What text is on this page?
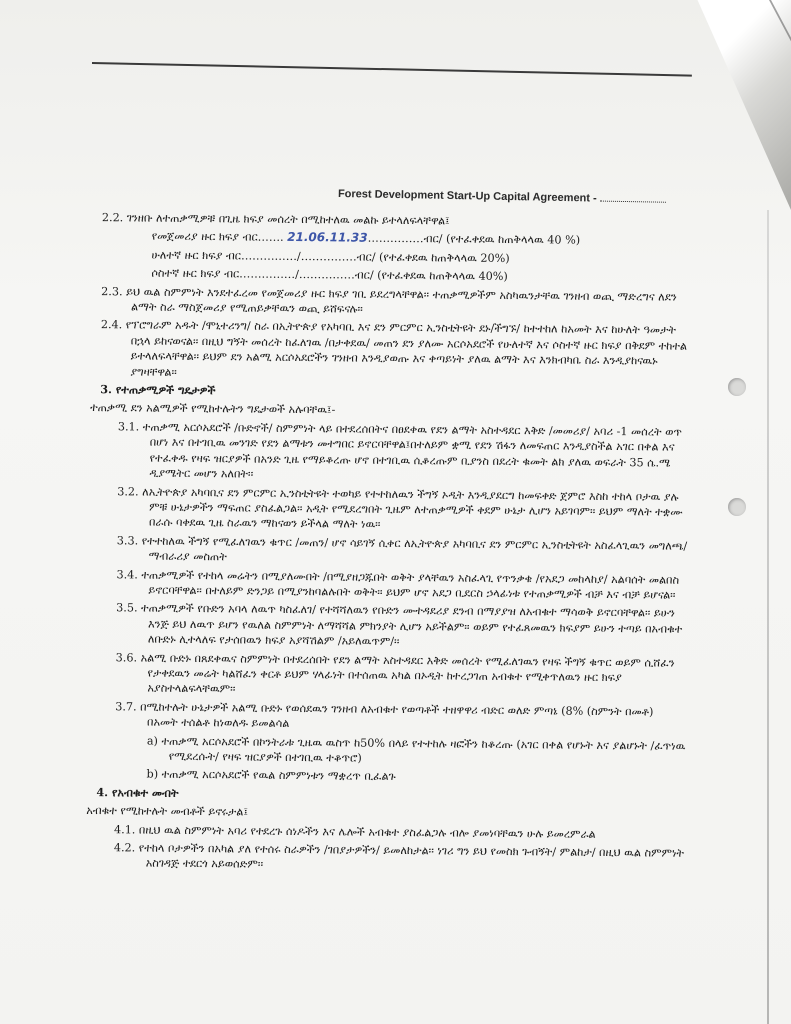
Forest Development Start-Up Capital Agreement -
2.2. ገንዘቡ ለተጠቃሚዎቹ በጊዜ ክፍያ መሰረት በሚከተለዉ መልኩ ይተላለፍላቸዋል፤
የመጀመሪያ ዙር ክፍያ ብር……. 21.06.11.33……………ብር/ (የተፈቀደዉ ከጠቅላላዉ 40 %)
ሁለተኛ ዙር ክፍያ ብር……………/……………ብር/ (የተፈቀደዉ ከጠቅላላዉ 20%)
ሶስተኛ ዙር ክፍያ ብር……………/……………ብር/ (የተፈቀደዉ ከጠቅላላዉ 40%)
2.3. ይህ ዉል ስምምነት እንደተፈረመ የመጀመሪያ ዙር ክፍያ ገቢ ይደረግላቸዋል፡፡ ተጠቃሚዎችም አስካዉንታቸዉ ገንዘብ ወጪ ማድረግና ለደን ልማት ስራ ማስጀመሪያ የሚጠይቃቸዉን ወጪ ይሸፍናሉ፡፡
2.4. የፕሮግራም አዱት /ሞኒተሪንግ/ ስራ በኢትዮጵያ የአካባቢ እና ደን ምርምር ኢንስቲትዩት ደኑ/ችግኙ/ ከተተከለ ከአመት እና ከሁለት ዓመታት በኋላ ይከናወናል፡፡ በዚህ ግኝት መሰረት ከፈለገዉ /በታቀደዉ/ መጠን ደን ያለሙ አርሶአደሮች የሁለተኛ እና ሶስተኛ ዙር ክፍያ በቅደም ተከተል ይተላለፍላቸዋል፡፡ ይህም ደን አልሚ አርሶአደሮችን ገንዘብ እንዲያወጡ እና ቀጣይነት ያለዉ ልማት እና እንክብካቤ ስራ እንዲያከናዉኑ ያግዛቸዋል፡፡
3. የተጠቃሚዎች ግዴታዎች
ተጠቃሚ ደን አልሚዎች የሚከተሉትን ግዴታወች አሉባቸዉ፤-
3.1. ተጠቃሚ አርሶአደሮች /ቡድኖች/ ስምምነት ላይ በተደረሰበትና በፀደቀዉ የደን ልማት አስተዳደር እቅድ /መመሪያ/ አባሪ -1 መሰረት ወጥ በሆነ እና በተገቢዉ መንገድ የደን ልማቱን መተግበር ይኖርባቸዋል፤በተለይም ቋሚ የደን ሽፋን ለመፍጠር እንዲያስችል አገር በቀል እና የተፈቀዱ የዛፍ ዝርያዎች በአንድ ጊዜ የማይቆረጡ ሆኖ በተገቢዉ ሲቆረጡም ቢያንስ በደረት ቁመት ልክ ያለዉ ወፍራት 35 ሴ.ሜ ዲያሜትር መሆን አለበት፡፡
3.2. ለኢትዮጵያ አካባቢና ደን ምርምር ኢንስቲትዩት ተወካይ የተተከለዉን ችግኝ ኦዲት እንዲያደርግ ከመፍቀድ ጀምሮ እስከ ተከላ ቦታዉ ያሉ ምቹ ሁኔታዎችን ማፍጠር ያስፈልጋል፡፡ አዲት የሚደረግበት ጊዜም ለተጠቃሚዎች ቀደም ሁኔታ ሊሆን አይገባም፡፡ ይህም ማለት ተቋሙ በራሱ ባቀደዉ ጊዜ ስራዉን ማከናወን ይችላል ማለት ነዉ፡፡
3.3. የተተከለዉ ችግኝ የሚፈለገዉን ቁጥር /መጠን/ ሆኖ ሳይገኝ ሲቀር ለኢትዮጵያ አካባቢና ደን ምርምር ኢንስቲትዩት አስፈላጊዉን መግለጫ/ማብራሪያ መስጠት
3.4. ተጠቃሚዎች የተከላ መሬትን በሚያለሙበት /በሚያዘጋጁበት ወቅት ያላቸዉን አስፈላጊ የጥንቃቄ /የአደጋ መከላከያ/ አልባሰት መልበስ ይኖርባቸዋል፡፡ በተለይም ድንጋይ በሚያንከባልሉበት ወቅት፡፡ ይህም ሆኖ አደጋ ቢደርስ ኃላፊነቱ የተጠቃሚዎች ብቻ እና ብቻ ይሆናል፡፡
3.5. ተጠቃሚዎች የቡድን አባላ ለዉጥ ካስፈለገ/ የተሻሻለዉን የቡድን ሙተዳደሪያ ደንብ በማያያዝ ለአብቁተ ማሳወቅ ይኖርባቸዋል፡፡ ይሁን እንጅ ይህ ለዉጥ ይሆን የዉለል ስምምነት ለማሻሻል ምክንያት ሊሆን አይችልም፡፡ ወይም የተፈጸመዉን ክፍያም ይሁን ተጣይ በአብቁተ ለቡድኑ ሊተላለፍ የታሰበዉን ክፍያ አያሻሽልም /አይለዉጥም/፡፡
3.6. አልሚ ቡድኑ በጸደቀዉና ስምምነት በተደረሰበት የደን ልማት አስተዳደር እቅድ መሰረት የሚፈለገዉን የዛፍ ችግኝ ቁጥር ወይም ሲሸፈን የታቀደዉን መሬት ካልሸፈን ቀርቶ ይህም ሃላፊነት በተሰጠዉ አካል በኦዲት ከተረጋገጠ አብቁተ የሚቀጥለዉን ዙር ክፍያ አያስተላልፍላቸዉም፡፡
3.7. በሚከተሉት ሁኔታዎች አልሚ ቡድኑ የወሰደዉን ገንዘብ ለአብቁተ የወጣቶች ተዘዋዋሪ ብድር ወለድ ምጣኔ (8% (ስምንት በመቶ) በአመት ተሰልቶ ከነወለዱ ይመልሳል
a) ተጠቃሚ አርሶአደሮች በኮንትራቱ ጊዜዉ ዉስጥ ከ50% በላይ የተተከሉ ዛፎችን ከቆረጡ (አገር በቀል የሆኑት እና ያልሆኑት /ፈጥነዉ የሚደረሱት/ የዛፍ ዝርያዎች በተገቢዉ ተቆጥሮ)
b) ተጠቃሚ አርሶአደሮች የዉል ስምምነቱን ማቋረጥ ቢፈልጉ
4. የአብቁተ መብት
አብቁተ የሚከተሉት መብቶች ይኖሩታል፤
4.1. በዚህ ዉል ስምምነት አባሪ የተደረጉ ሰነዶችን እና ሌሎች አብቁተ ያስፈልጋሉ ብሎ ያመነባቸዉን ሁሉ ይመረምራል
4.2. የተከላ ቦታዎችን በአካል ያለ የተሰሩ ስራዎችን /ገበያታዎችን/ ይመለከታል፡፡ ነገሪ ግን ይህ የመስክ ጉብኝት/ ምልከታ/ በዚህ ዉል ስምምነት አስገዳጅ ተደርጎ አይወሰድም፡፡
